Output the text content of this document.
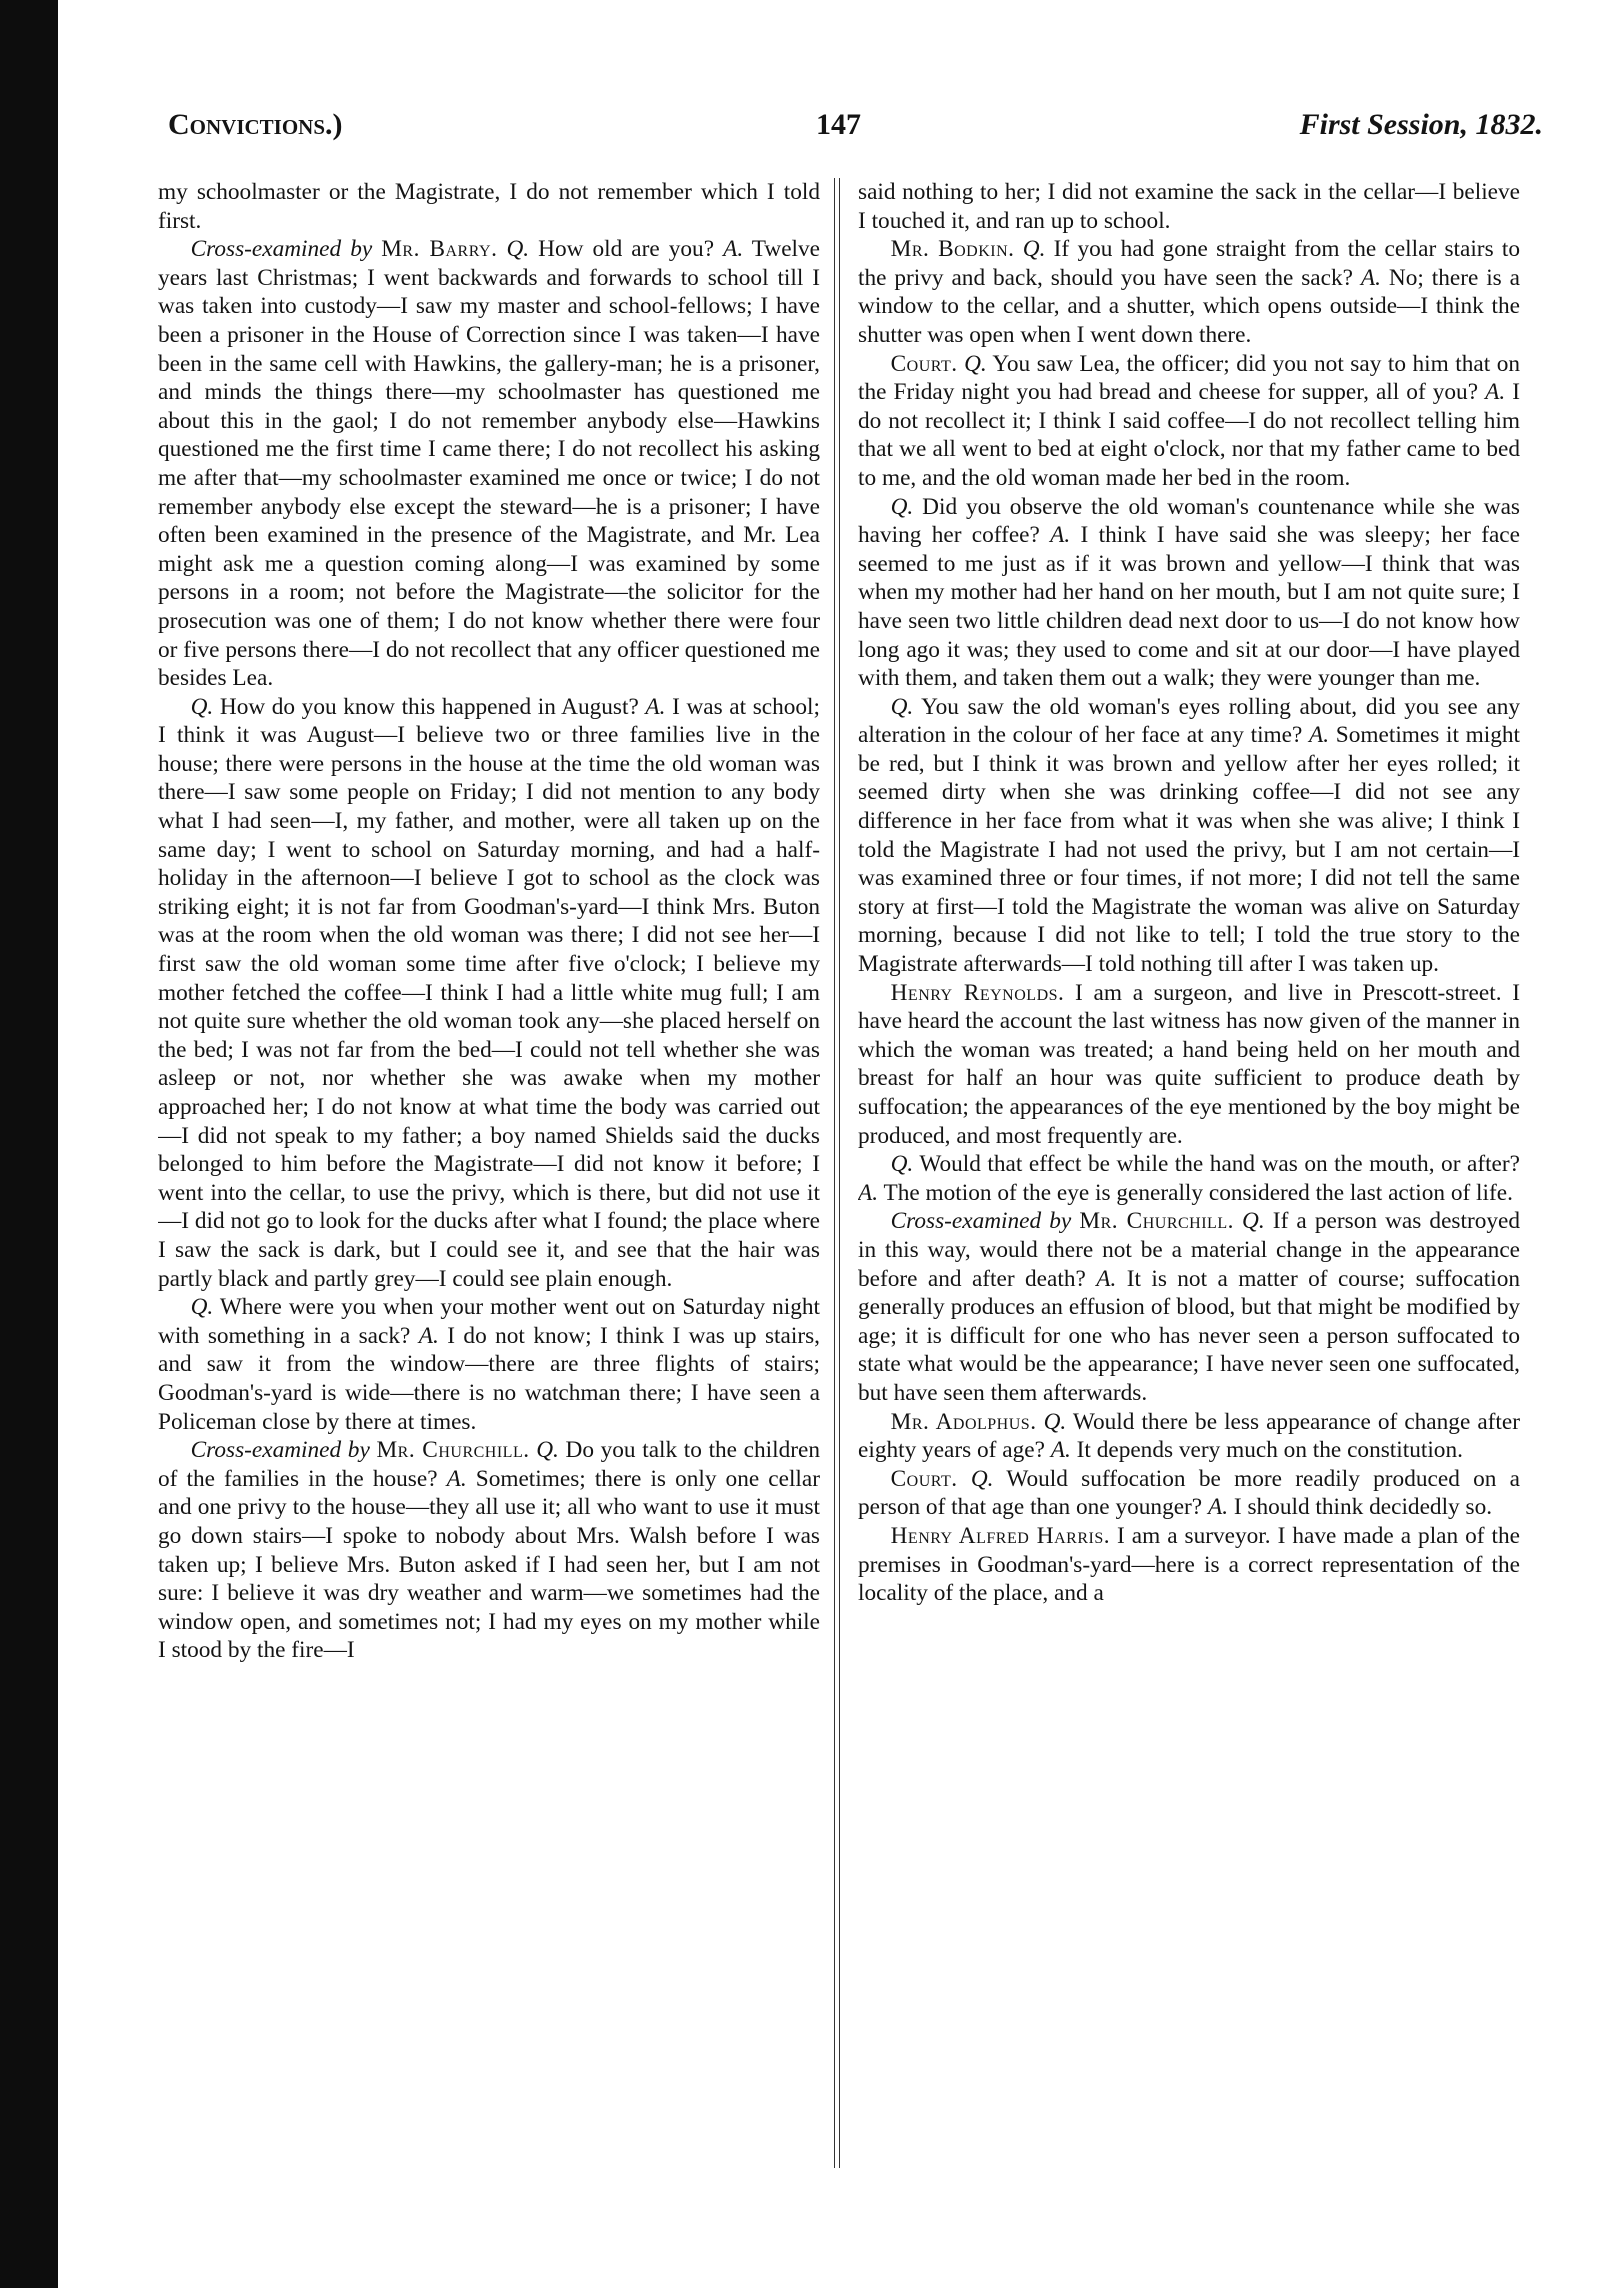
Convictions.)	147	First Session, 1832.

my schoolmaster or the Magistrate, I do not remember which I told first.

Cross-examined by Mr. Barry. Q. How old are you? A. Twelve years last Christmas; I went backwards and forwards to school till I was taken into custody—I saw my master and school-fellows; I have been a prisoner in the House of Correction since I was taken—I have been in the same cell with Hawkins, the gallery-man; he is a prisoner, and minds the things there—my schoolmaster has questioned me about this in the gaol; I do not remember anybody else—Hawkins questioned me the first time I came there; I do not recollect his asking me after that—my schoolmaster examined me once or twice; I do not remember anybody else except the steward—he is a prisoner; I have often been examined in the presence of the Magistrate, and Mr. Lea might ask me a question coming along—I was examined by some persons in a room; not before the Magistrate—the solicitor for the prosecution was one of them; I do not know whether there were four or five persons there—I do not recollect that any officer questioned me besides Lea.

Q. How do you know this happened in August? A. I was at school; I think it was August—I believe two or three families live in the house; there were persons in the house at the time the old woman was there—I saw some people on Friday; I did not mention to any body what I had seen—I, my father, and mother, were all taken up on the same day; I went to school on Saturday morning, and had a half-holiday in the afternoon—I believe I got to school as the clock was striking eight; it is not far from Goodman's-yard—I think Mrs. Buton was at the room when the old woman was there; I did not see her—I first saw the old woman some time after five o'clock; I believe my mother fetched the coffee—I think I had a little white mug full; I am not quite sure whether the old woman took any—she placed herself on the bed; I was not far from the bed—I could not tell whether she was asleep or not, nor whether she was awake when my mother approached her; I do not know at what time the body was carried out—I did not speak to my father; a boy named Shields said the ducks belonged to him before the Magistrate—I did not know it before; I went into the cellar, to use the privy, which is there, but did not use it—I did not go to look for the ducks after what I found; the place where I saw the sack is dark, but I could see it, and see that the hair was partly black and partly grey—I could see plain enough.

Q. Where were you when your mother went out on Saturday night with something in a sack? A. I do not know; I think I was up stairs, and saw it from the window—there are three flights of stairs; Goodman's-yard is wide—there is no watchman there; I have seen a Policeman close by there at times.

Cross-examined by Mr. Churchill. Q. Do you talk to the children of the families in the house? A. Sometimes; there is only one cellar and one privy to the house—they all use it; all who want to use it must go down stairs—I spoke to nobody about Mrs. Walsh before I was taken up; I believe Mrs. Buton asked if I had seen her, but I am not sure: I believe it was dry weather and warm—we sometimes had the window open, and sometimes not; I had my eyes on my mother while I stood by the fire—I

said nothing to her; I did not examine the sack in the cellar—I believe I touched it, and ran up to school.

Mr. Bodkin. Q. If you had gone straight from the cellar stairs to the privy and back, should you have seen the sack? A. No; there is a window to the cellar, and a shutter, which opens outside—I think the shutter was open when I went down there.

Court. Q. You saw Lea, the officer; did you not say to him that on the Friday night you had bread and cheese for supper, all of you? A. I do not recollect it; I think I said coffee—I do not recollect telling him that we all went to bed at eight o'clock, nor that my father came to bed to me, and the old woman made her bed in the room.

Q. Did you observe the old woman's countenance while she was having her coffee? A. I think I have said she was sleepy; her face seemed to me just as if it was brown and yellow—I think that was when my mother had her hand on her mouth, but I am not quite sure; I have seen two little children dead next door to us—I do not know how long ago it was; they used to come and sit at our door—I have played with them, and taken them out a walk; they were younger than me.

Q. You saw the old woman's eyes rolling about, did you see any alteration in the colour of her face at any time? A. Sometimes it might be red, but I think it was brown and yellow after her eyes rolled; it seemed dirty when she was drinking coffee—I did not see any difference in her face from what it was when she was alive; I think I told the Magistrate I had not used the privy, but I am not certain—I was examined three or four times, if not more; I did not tell the same story at first—I told the Magistrate the woman was alive on Saturday morning, because I did not like to tell; I told the true story to the Magistrate afterwards—I told nothing till after I was taken up.

Henry Reynolds. I am a surgeon, and live in Prescott-street. I have heard the account the last witness has now given of the manner in which the woman was treated; a hand being held on her mouth and breast for half an hour was quite sufficient to produce death by suffocation; the appearances of the eye mentioned by the boy might be produced, and most frequently are.

Q. Would that effect be while the hand was on the mouth, or after? A. The motion of the eye is generally considered the last action of life.

Cross-examined by Mr. Churchill. Q. If a person was destroyed in this way, would there not be a material change in the appearance before and after death? A. It is not a matter of course; suffocation generally produces an effusion of blood, but that might be modified by age; it is difficult for one who has never seen a person suffocated to state what would be the appearance; I have never seen one suffocated, but have seen them afterwards.

Mr. Adolphus. Q. Would there be less appearance of change after eighty years of age? A. It depends very much on the constitution.

Court. Q. Would suffocation be more readily produced on a person of that age than one younger? A. I should think decidedly so.

Henry Alfred Harris. I am a surveyor. I have made a plan of the premises in Goodman's-yard—here is a correct representation of the locality of the place, and a
